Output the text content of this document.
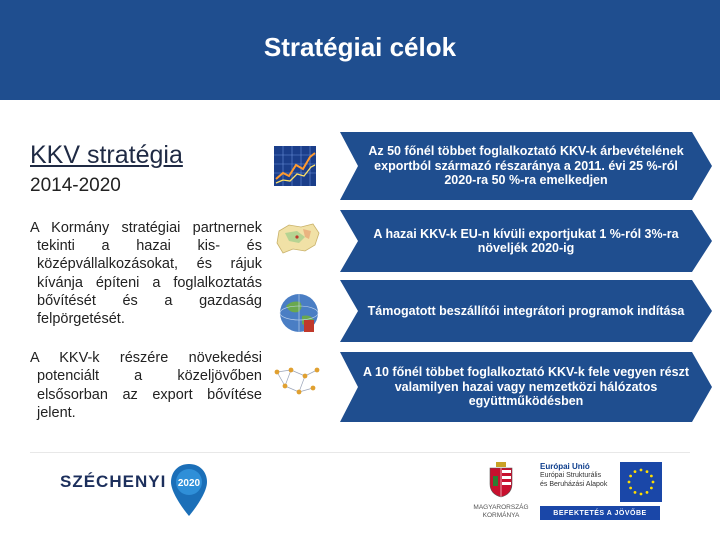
Stratégiai célok
KKV stratégia
2014-2020
A Kormány stratégiai partnernek tekinti a hazai kis- és középvállalkozásokat, és rájuk kívánja építeni a foglalkoztatás bővítését és a gazdaság felpörgetését.
A KKV-k részére növekedési potenciált a közeljövőben elsősorban az export bővítése jelent.
Az 50 főnél többet foglalkoztató KKV-k árbevételének exportból származó részaránya a 2011. évi 25 %-ról 2020-ra 50 %-ra emelkedjen
A hazai KKV-k EU-n kívüli exportjukat 1 %-ról 3%-ra növeljék 2020-ig
Támogatott beszállítói integrátori programok indítása
A 10 főnél többet foglalkoztató KKV-k fele vegyen részt valamilyen hazai vagy nemzetközi hálózatos együttműködésben
SZÉCHENYI 2020
MAGYARORSZÁG
KORMÁNYA
Európai Unió
Európai Strukturális
és Beruházási Alapok
BEFEKTETÉS A JÖVŐBE
